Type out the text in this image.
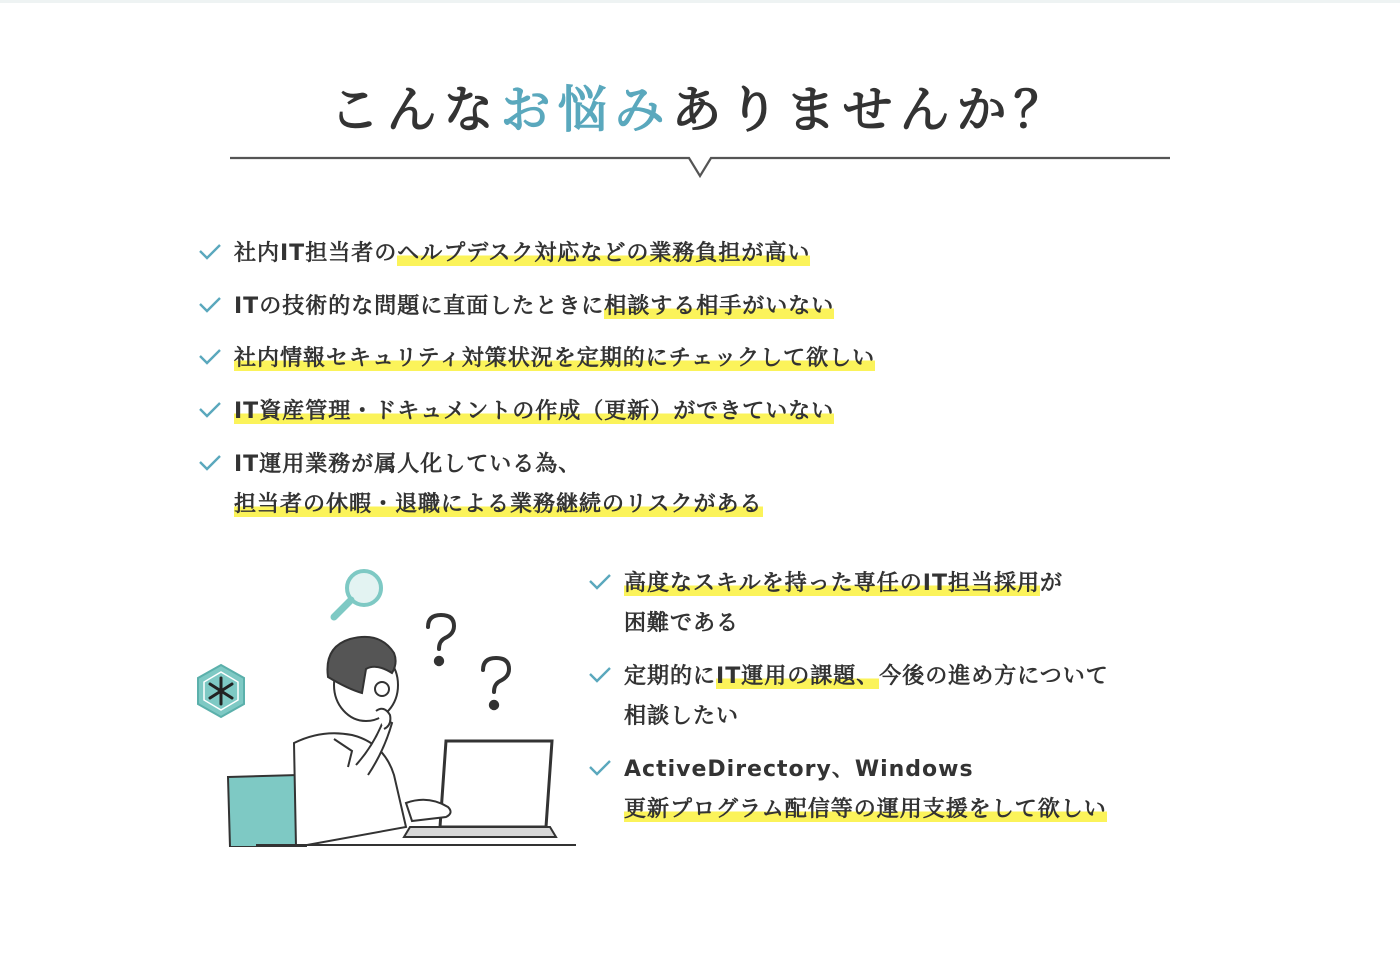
こんなお悩みありませんか？
社内IT担当者のヘルプデスク対応などの業務負担が高い
ITの技術的な問題に直面したときに相談する相手がいない
社内情報セキュリティ対策状況を定期的にチェックして欲しい
IT資産管理・ドキュメントの作成（更新）ができていない
IT運用業務が属人化している為、
担当者の休暇・退職による業務継続のリスクがある
高度なスキルを持った専任のIT担当採用が
困難である
定期的にIT運用の課題、今後の進め方について
相談したい
ActiveDirectory、Windows
更新プログラム配信等の運用支援をして欲しい
